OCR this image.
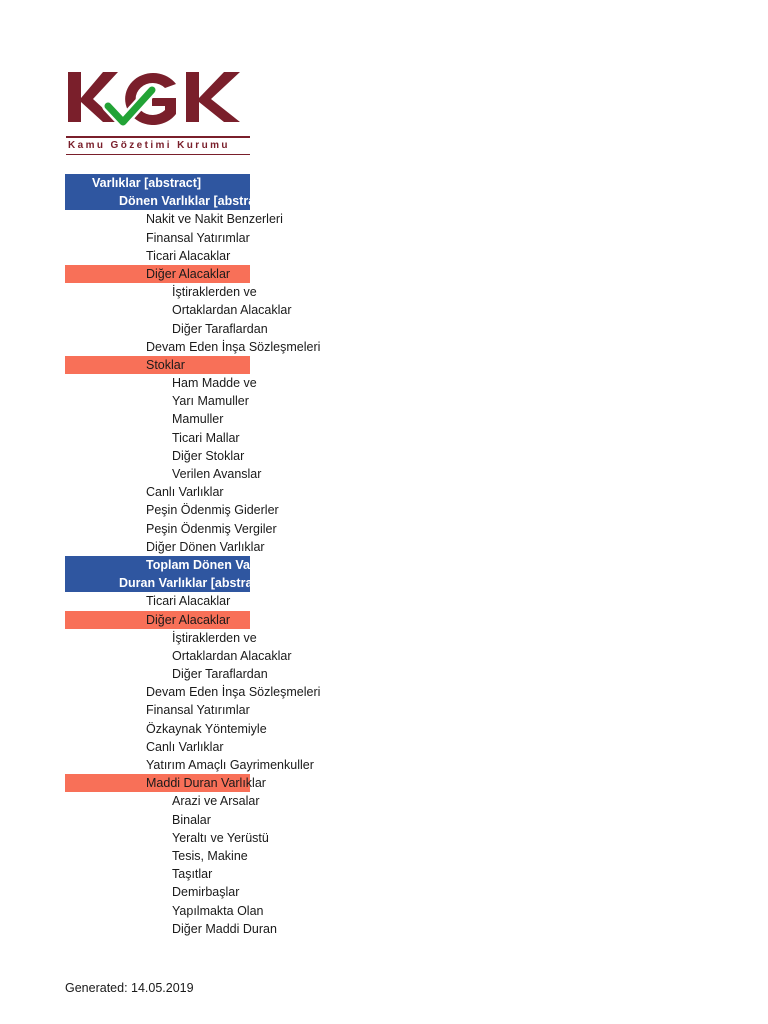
Kamu Gözetimi Kurumu
Varlıklar [abstract]
Dönen Varlıklar [abstract]
Nakit ve Nakit Benzerleri
Finansal Yatırımlar
Ticari Alacaklar
Diğer Alacaklar
İştiraklerden ve
Ortaklardan Alacaklar
Diğer Taraflardan
Devam Eden İnşa Sözleşmeleri
Stoklar
Ham Madde ve
Yarı Mamuller
Mamuller
Ticari Mallar
Diğer Stoklar
Verilen Avanslar
Canlı Varlıklar
Peşin Ödenmiş Giderler
Peşin Ödenmiş Vergiler
Diğer Dönen Varlıklar
Toplam Dönen Varlıklar
Duran Varlıklar [abstract]
Ticari Alacaklar
Diğer Alacaklar
İştiraklerden ve
Ortaklardan Alacaklar
Diğer Taraflardan
Devam Eden İnşa Sözleşmeleri
Finansal Yatırımlar
Özkaynak Yöntemiyle
Canlı Varlıklar
Yatırım Amaçlı Gayrimenkuller
Maddi Duran Varlıklar
Arazi ve Arsalar
Binalar
Yeraltı ve Yerüstü
Tesis, Makine
Taşıtlar
Demirbaşlar
Yapılmakta Olan
Diğer Maddi Duran
Generated: 14.05.2019
